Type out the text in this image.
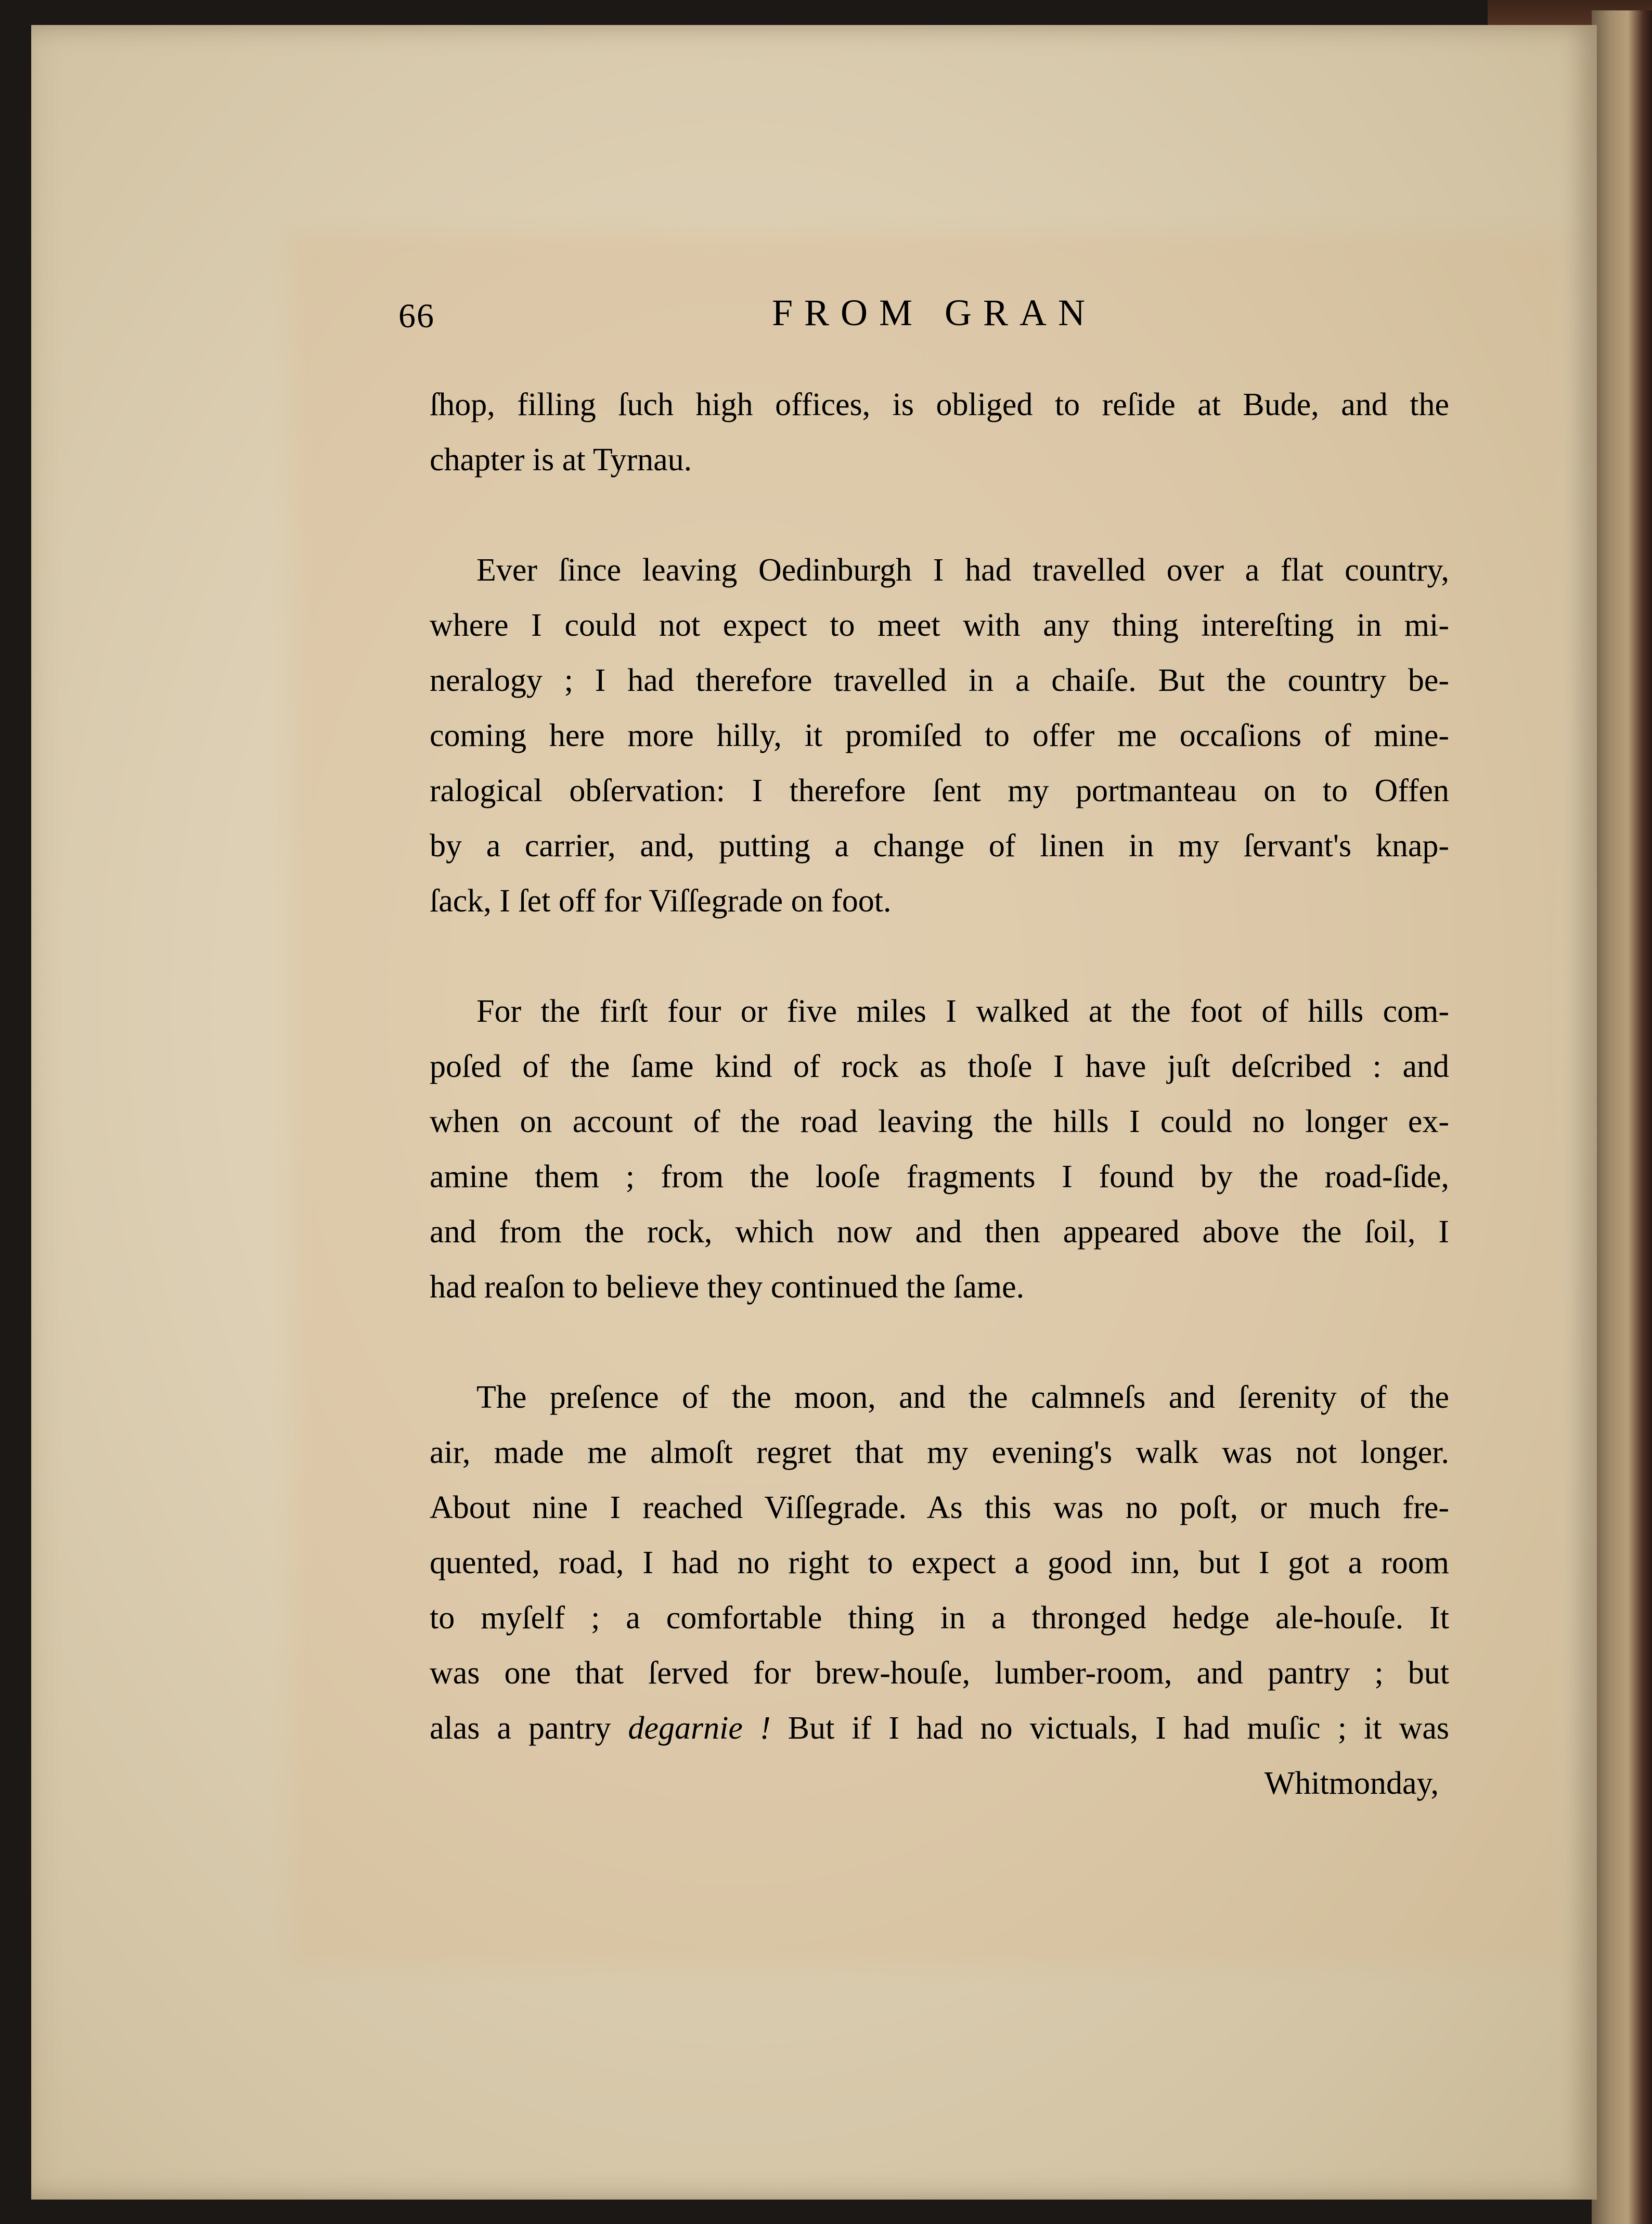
66	FROM GRAN
ſhop, filling ſuch high offices, is obliged to reſide at Bude, and the
chapter is at Tyrnau.
Ever ſince leaving Oedinburgh I had travelled over a flat country,
where I could not expect to meet with any thing intereſting in mi-
neralogy ; I had therefore travelled in a chaiſe. But the country be-
coming here more hilly, it promiſed to offer me occaſions of mine-
ralogical obſervation: I therefore ſent my portmanteau on to Offen
by a carrier, and, putting a change of linen in my ſervant's knap-
ſack, I ſet off for Viſſegrade on foot.
For the firſt four or five miles I walked at the foot of hills com-
poſed of the ſame kind of rock as thoſe I have juſt deſcribed : and
when on account of the road leaving the hills I could no longer ex-
amine them ; from the looſe fragments I found by the road-ſide,
and from the rock, which now and then appeared above the ſoil, I
had reaſon to believe they continued the ſame.
The preſence of the moon, and the calmneſs and ſerenity of the
air, made me almoſt regret that my evening's walk was not longer.
About nine I reached Viſſegrade. As this was no poſt, or much fre-
quented, road, I had no right to expect a good inn, but I got a room
to myſelf ; a comfortable thing in a thronged hedge ale-houſe. It
was one that ſerved for brew-houſe, lumber-room, and pantry ; but
alas a pantry degarnie ! But if I had no victuals, I had muſic ; it was
Whitmonday,
